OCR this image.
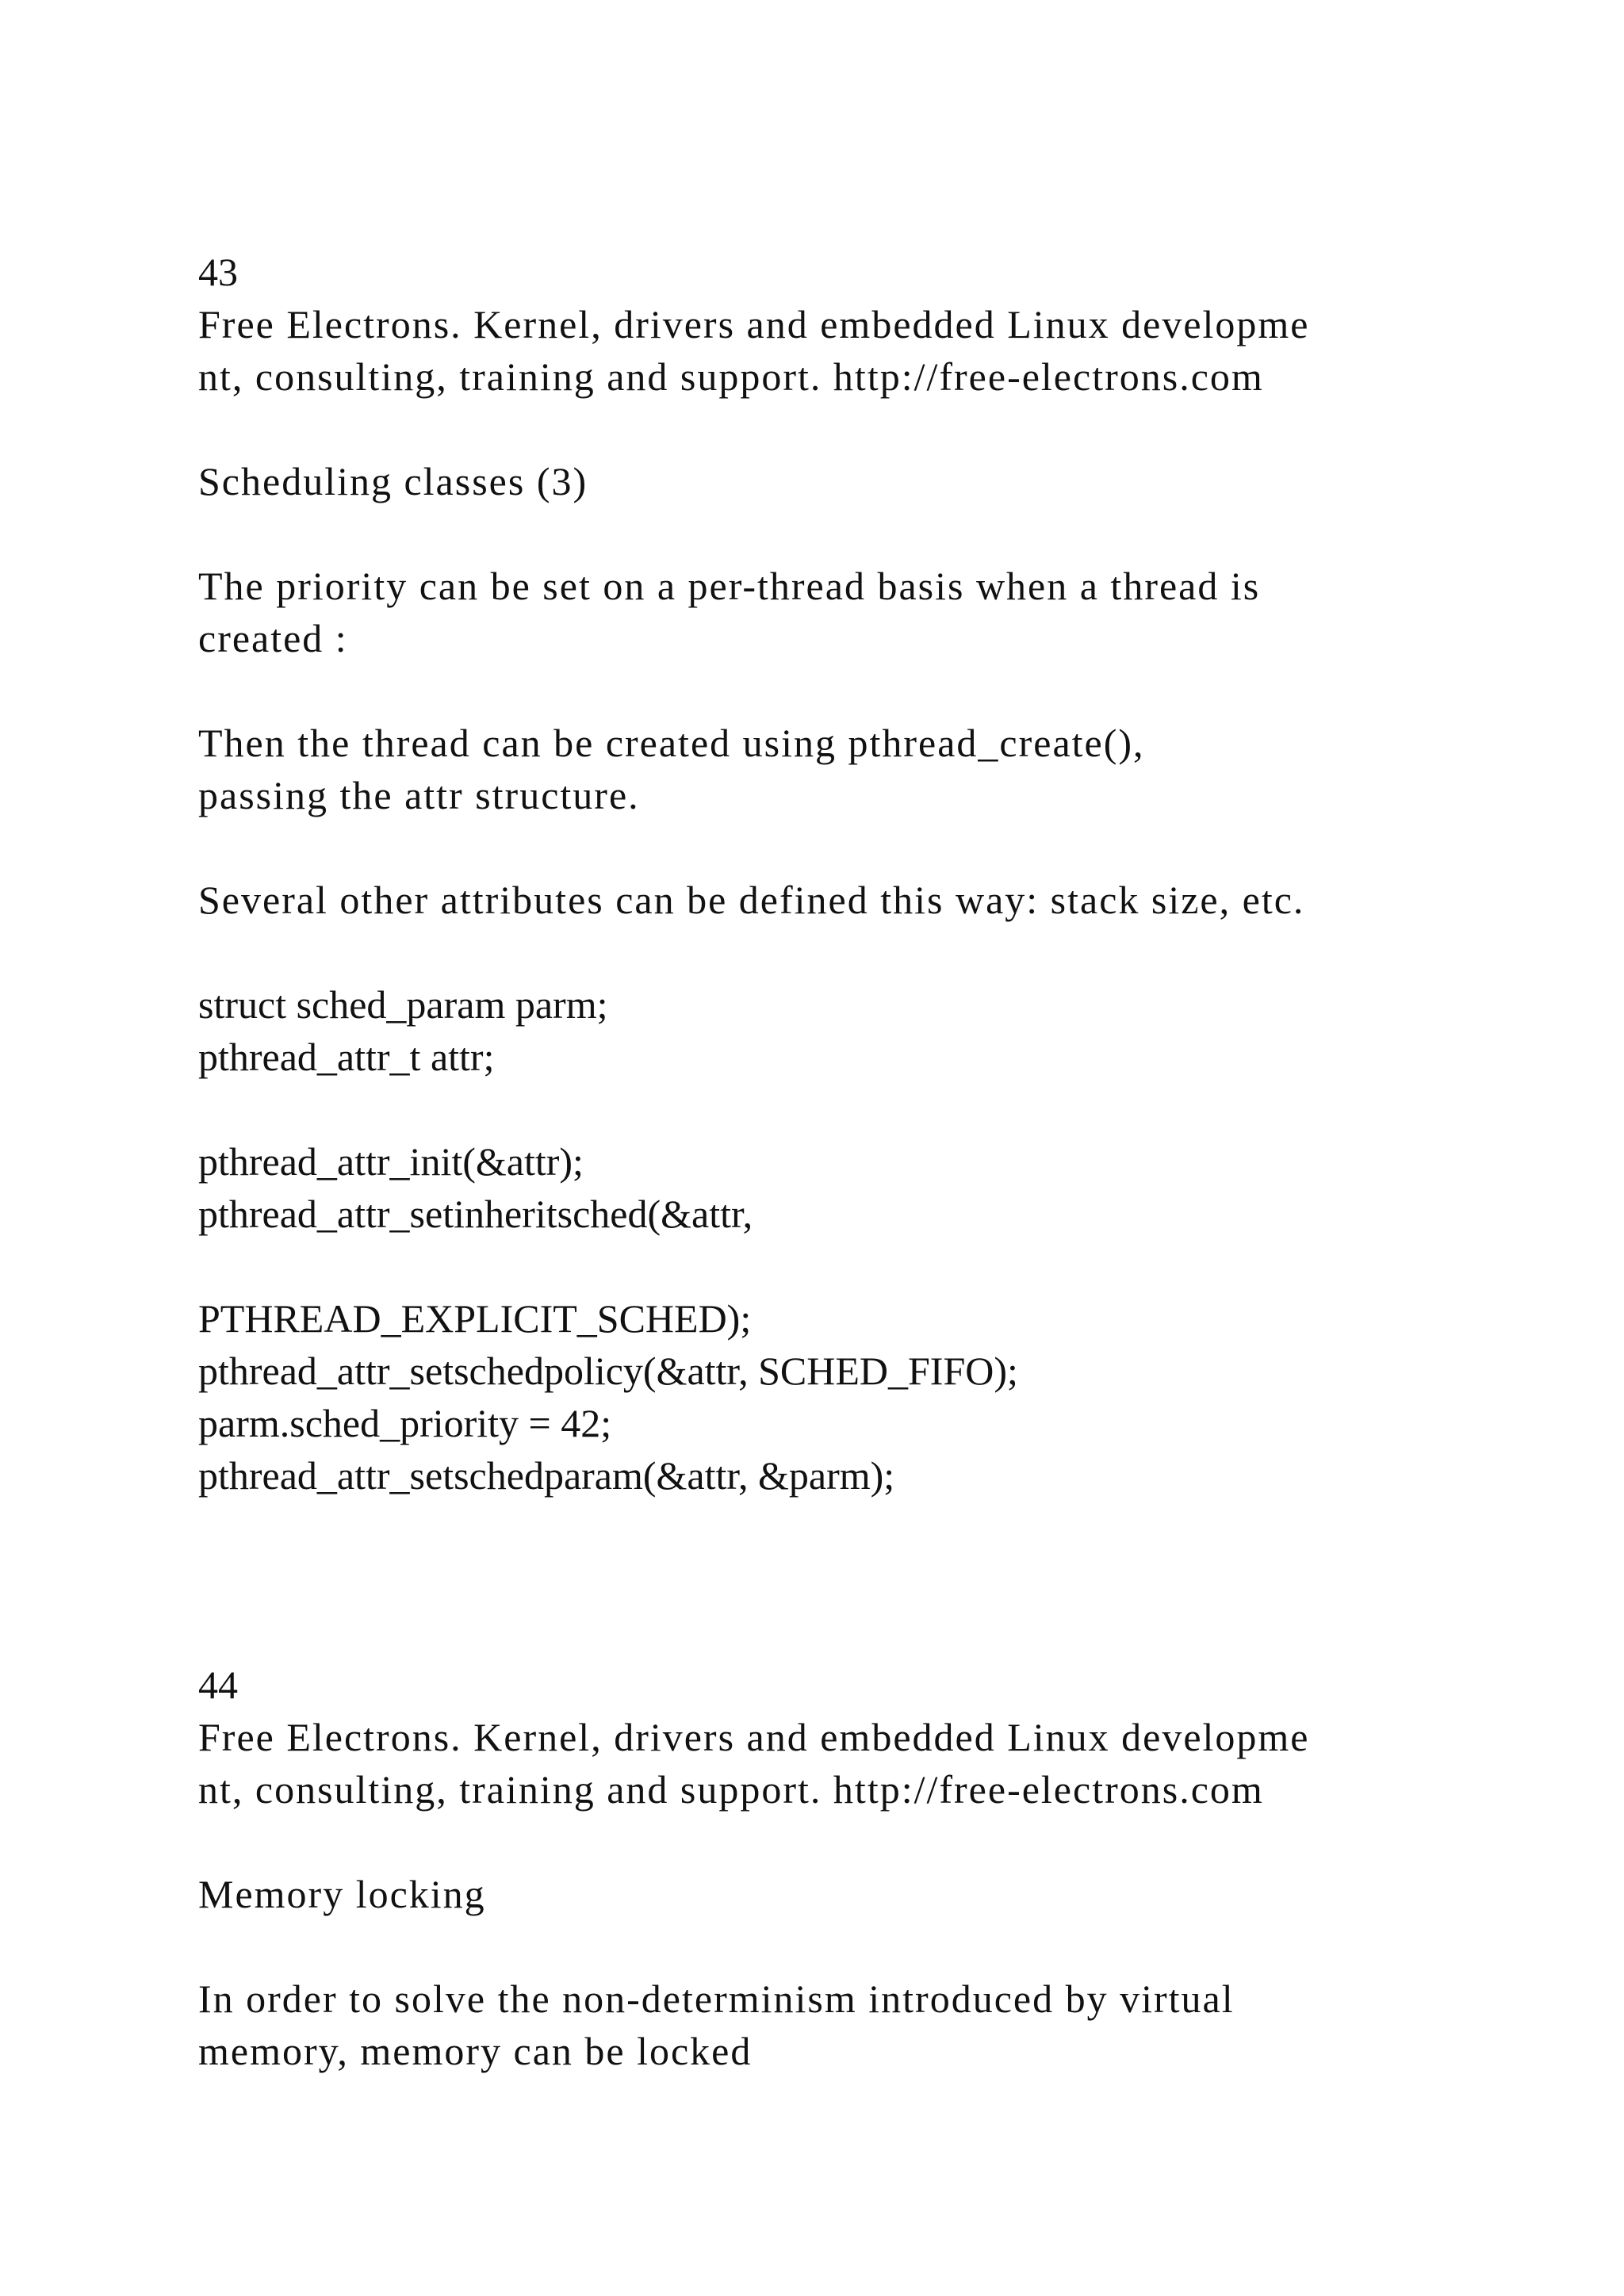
43
Free Electrons. Kernel, drivers and embedded Linux developme
nt, consulting, training and support. http://free-electrons.com
Scheduling classes (3)
The priority can be set on a per-thread basis when a thread is
created :
Then the thread can be created using pthread_create(),
passing the attr structure.
Several other attributes can be defined this way: stack size, etc.
struct sched_param parm;
pthread_attr_t attr;
pthread_attr_init(&attr);
pthread_attr_setinheritsched(&attr,
PTHREAD_EXPLICIT_SCHED);
pthread_attr_setschedpolicy(&attr, SCHED_FIFO);
parm.sched_priority = 42;
pthread_attr_setschedparam(&attr, &parm);
44
Free Electrons. Kernel, drivers and embedded Linux developme
nt, consulting, training and support. http://free-electrons.com
Memory locking
In order to solve the non-determinism introduced by virtual
memory, memory can be locked
